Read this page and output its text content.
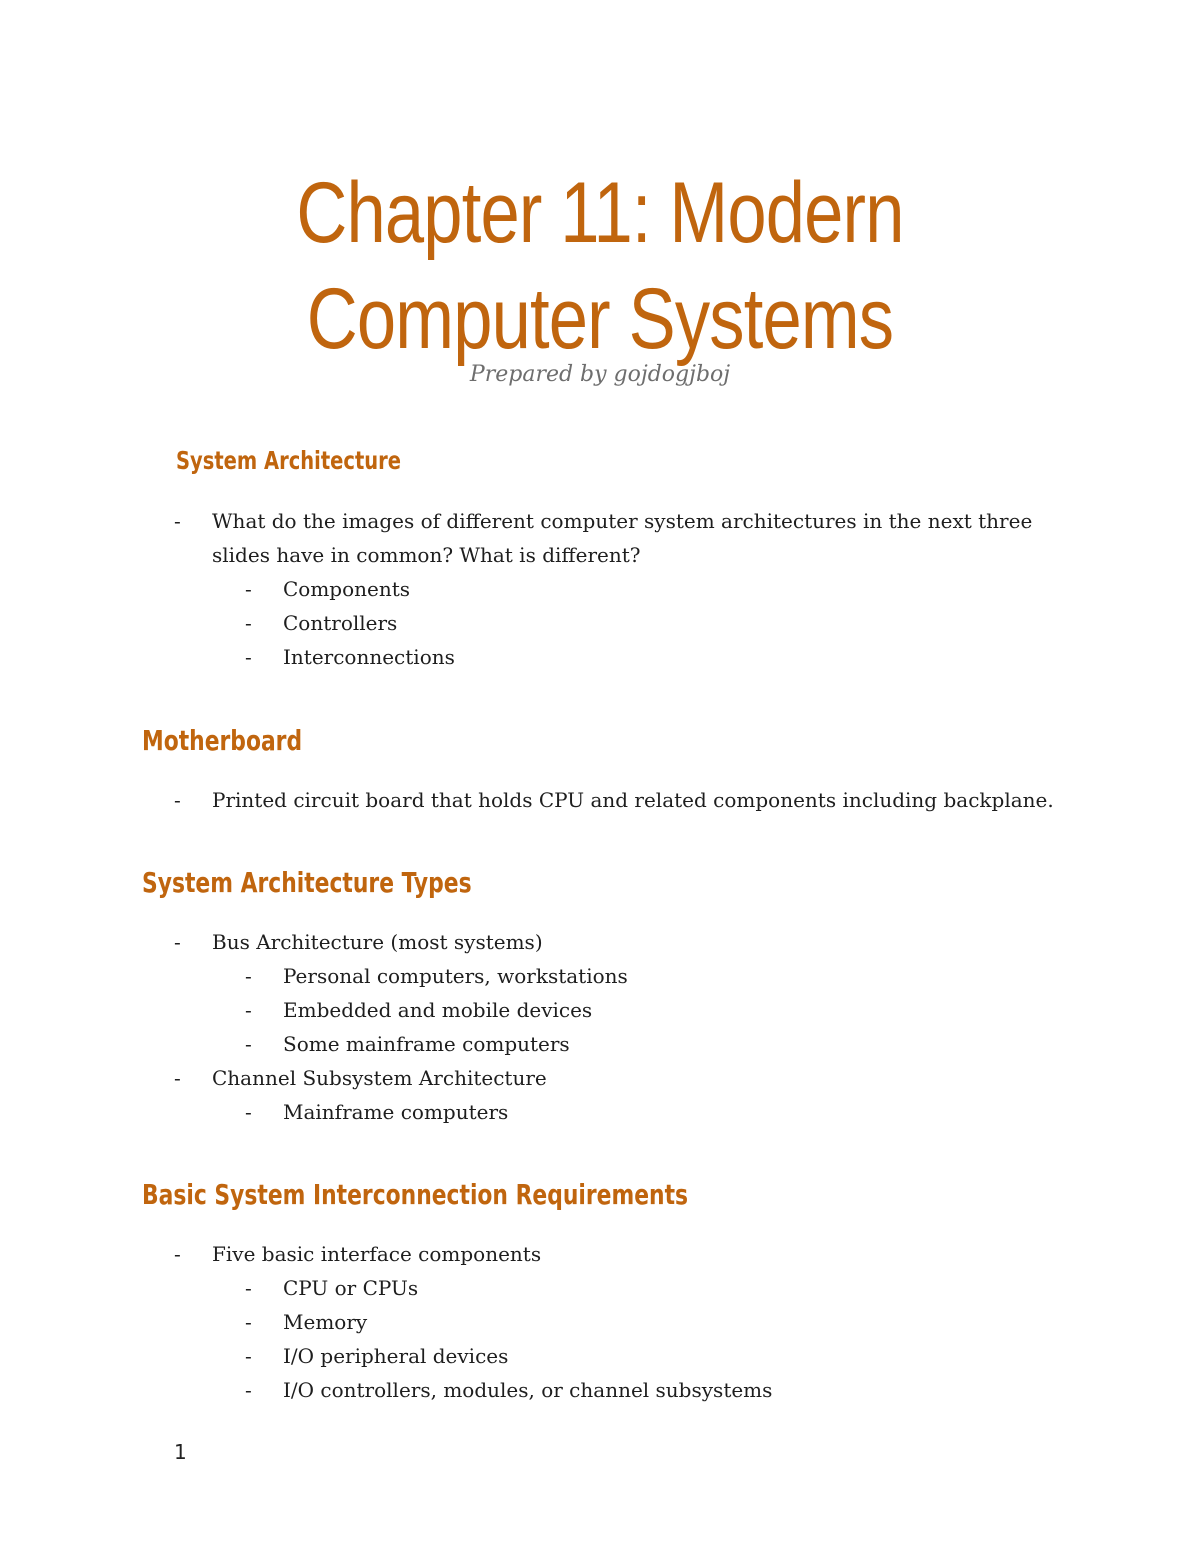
Chapter 11: Modern
Computer Systems
Prepared by gojdogjboj
System Architecture
- What do the images of different computer system architectures in the next three
slides have in common? What is different?
- Components
- Controllers
- Interconnections
Motherboard
- Printed circuit board that holds CPU and related components including backplane.
System Architecture Types
- Bus Architecture (most systems)
- Personal computers, workstations
- Embedded and mobile devices
- Some mainframe computers
- Channel Subsystem Architecture
- Mainframe computers
Basic System Interconnection Requirements
- Five basic interface components
- CPU or CPUs
- Memory
- I/O peripheral devices
- I/O controllers, modules, or channel subsystems
1
